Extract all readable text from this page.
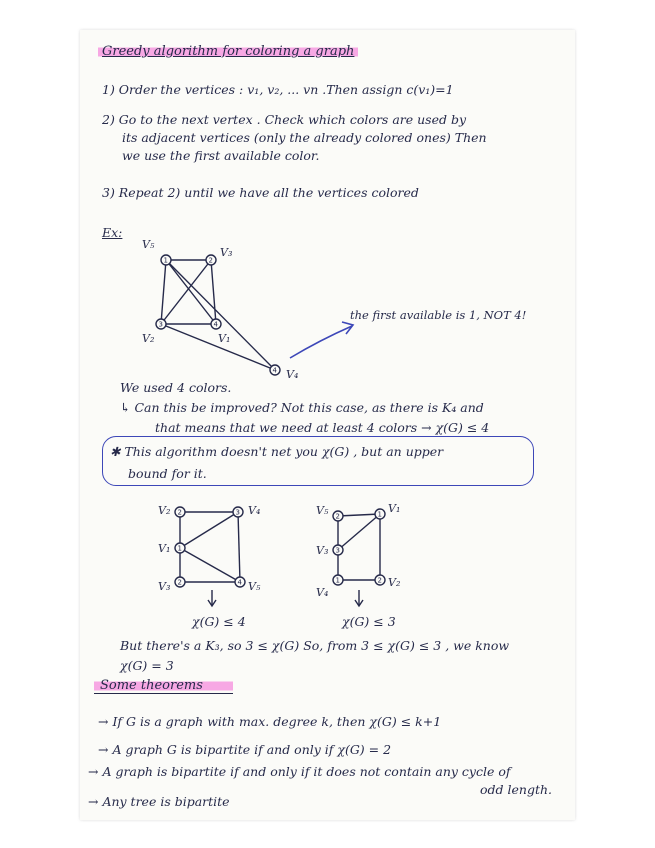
Greedy algorithm for coloring a graph
1) Order the vertices : v₁, v₂, ... vn .Then assign c(v₁)=1
2) Go to the next vertex . Check which colors are used by
its adjacent vertices (only the already colored ones) Then
we use the first available color.
3) Repeat 2) until we have all the vertices colored
Ex:
1	2
3	4
4
V₅
V₃
V₂	V₁
V₄
the first available is 1, NOT 4!
We used 4 colors.
↳ Can this be improved? Not this case, as there is K₄ and
that means that we need at least 4 colors → χ(G) ≤ 4
✱ This algorithm doesn't net you χ(G) , but an upper
bound for it.
2	3
1
2	4
V₂	V₄
V₁
V₃	V₅
2	1
3
1	2
V₅	V₁
V₃
V₄
V₂
χ(G) ≤ 4	χ(G) ≤ 3
But there's a K₃, so 3 ≤ χ(G) So, from 3 ≤ χ(G) ≤ 3 , we know
χ(G) = 3
Some theorems
→ If G is a graph with max. degree k, then χ(G) ≤ k+1
→ A graph G is bipartite if and only if χ(G) = 2
→ A graph is bipartite if and only if it does not contain any cycle of
odd length.
→ Any tree is bipartite
